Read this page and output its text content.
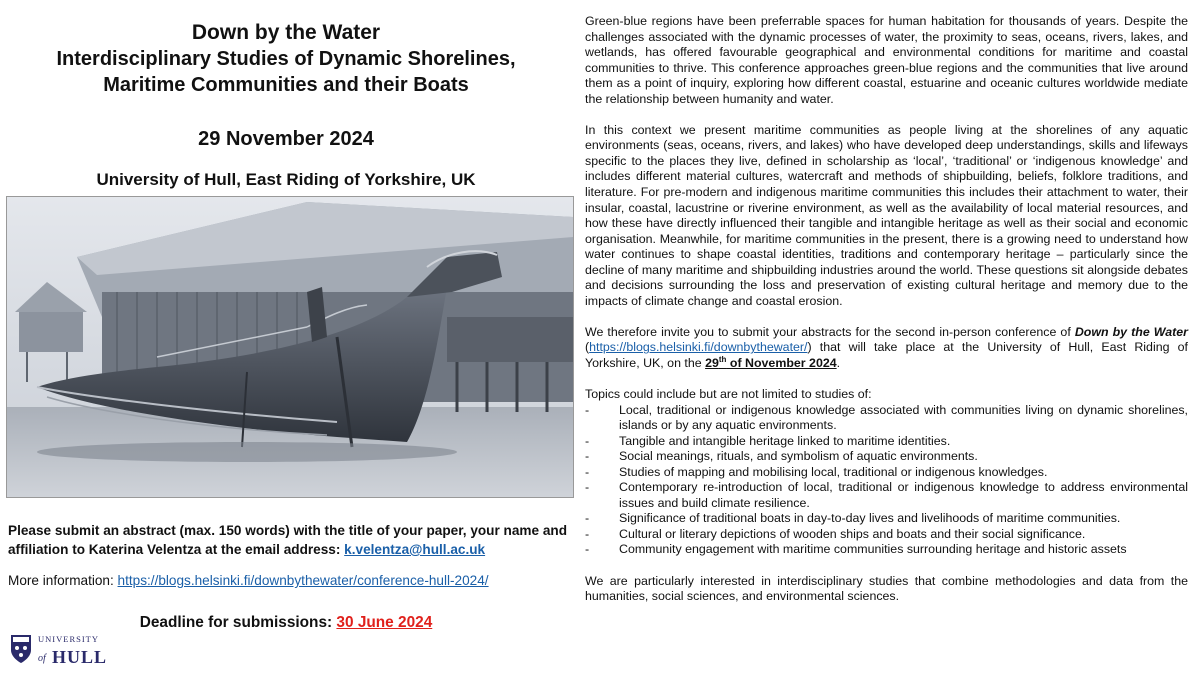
Down by the Water
Interdisciplinary Studies of Dynamic Shorelines,
Maritime Communities and their Boats
29 November 2024
University of Hull, East Riding of Yorkshire, UK
Please submit an abstract (max. 150 words) with the title of your paper, your name and affiliation to Katerina Velentza at the email address: k.velentza@hull.ac.uk
More information: https://blogs.helsinki.fi/downbythewater/conference-hull-2024/
Deadline for submissions: 30 June 2024
UNIVERSITY
of HULL

Green-blue regions have been preferrable spaces for human habitation for thousands of years. Despite the challenges associated with the dynamic processes of water, the proximity to seas, oceans, rivers, lakes, and wetlands, has offered favourable geographical and environmental conditions for maritime and coastal communities to thrive. This conference approaches green-blue regions and the communities that live around them as a point of inquiry, exploring how different coastal, estuarine and oceanic cultures worldwide mediate the relationship between humanity and water.

In this context we present maritime communities as people living at the shorelines of any aquatic environments (seas, oceans, rivers, and lakes) who have developed deep understandings, skills and lifeways specific to the places they live, defined in scholarship as ‘local’, ‘traditional’ or ‘indigenous knowledge’ and includes different material cultures, watercraft and methods of shipbuilding, beliefs, folklore traditions, and literature. For pre-modern and indigenous maritime communities this includes their attachment to water, their insular, coastal, lacustrine or riverine environment, as well as the availability of local material resources, and how these have directly influenced their tangible and intangible heritage as well as their social and economic organisation. Meanwhile, for maritime communities in the present, there is a growing need to understand how water continues to shape coastal identities, traditions and contemporary heritage – particularly since the decline of many maritime and shipbuilding industries around the world. These questions sit alongside debates and decisions surrounding the loss and preservation of existing cultural heritage and memory due to the impacts of climate change and coastal erosion.

We therefore invite you to submit your abstracts for the second in-person conference of Down by the Water (https://blogs.helsinki.fi/downbythewater/) that will take place at the University of Hull, East Riding of Yorkshire, UK, on the 29th of November 2024.

Topics could include but are not limited to studies of:
- Local, traditional or indigenous knowledge associated with communities living on dynamic shorelines, islands or by any aquatic environments.
- Tangible and intangible heritage linked to maritime identities.
- Social meanings, rituals, and symbolism of aquatic environments.
- Studies of mapping and mobilising local, traditional or indigenous knowledges.
- Contemporary re-introduction of local, traditional or indigenous knowledge to address environmental issues and build climate resilience.
- Significance of traditional boats in day-to-day lives and livelihoods of maritime communities.
- Cultural or literary depictions of wooden ships and boats and their social significance.
- Community engagement with maritime communities surrounding heritage and historic assets

We are particularly interested in interdisciplinary studies that combine methodologies and data from the humanities, social sciences, and environmental sciences.
